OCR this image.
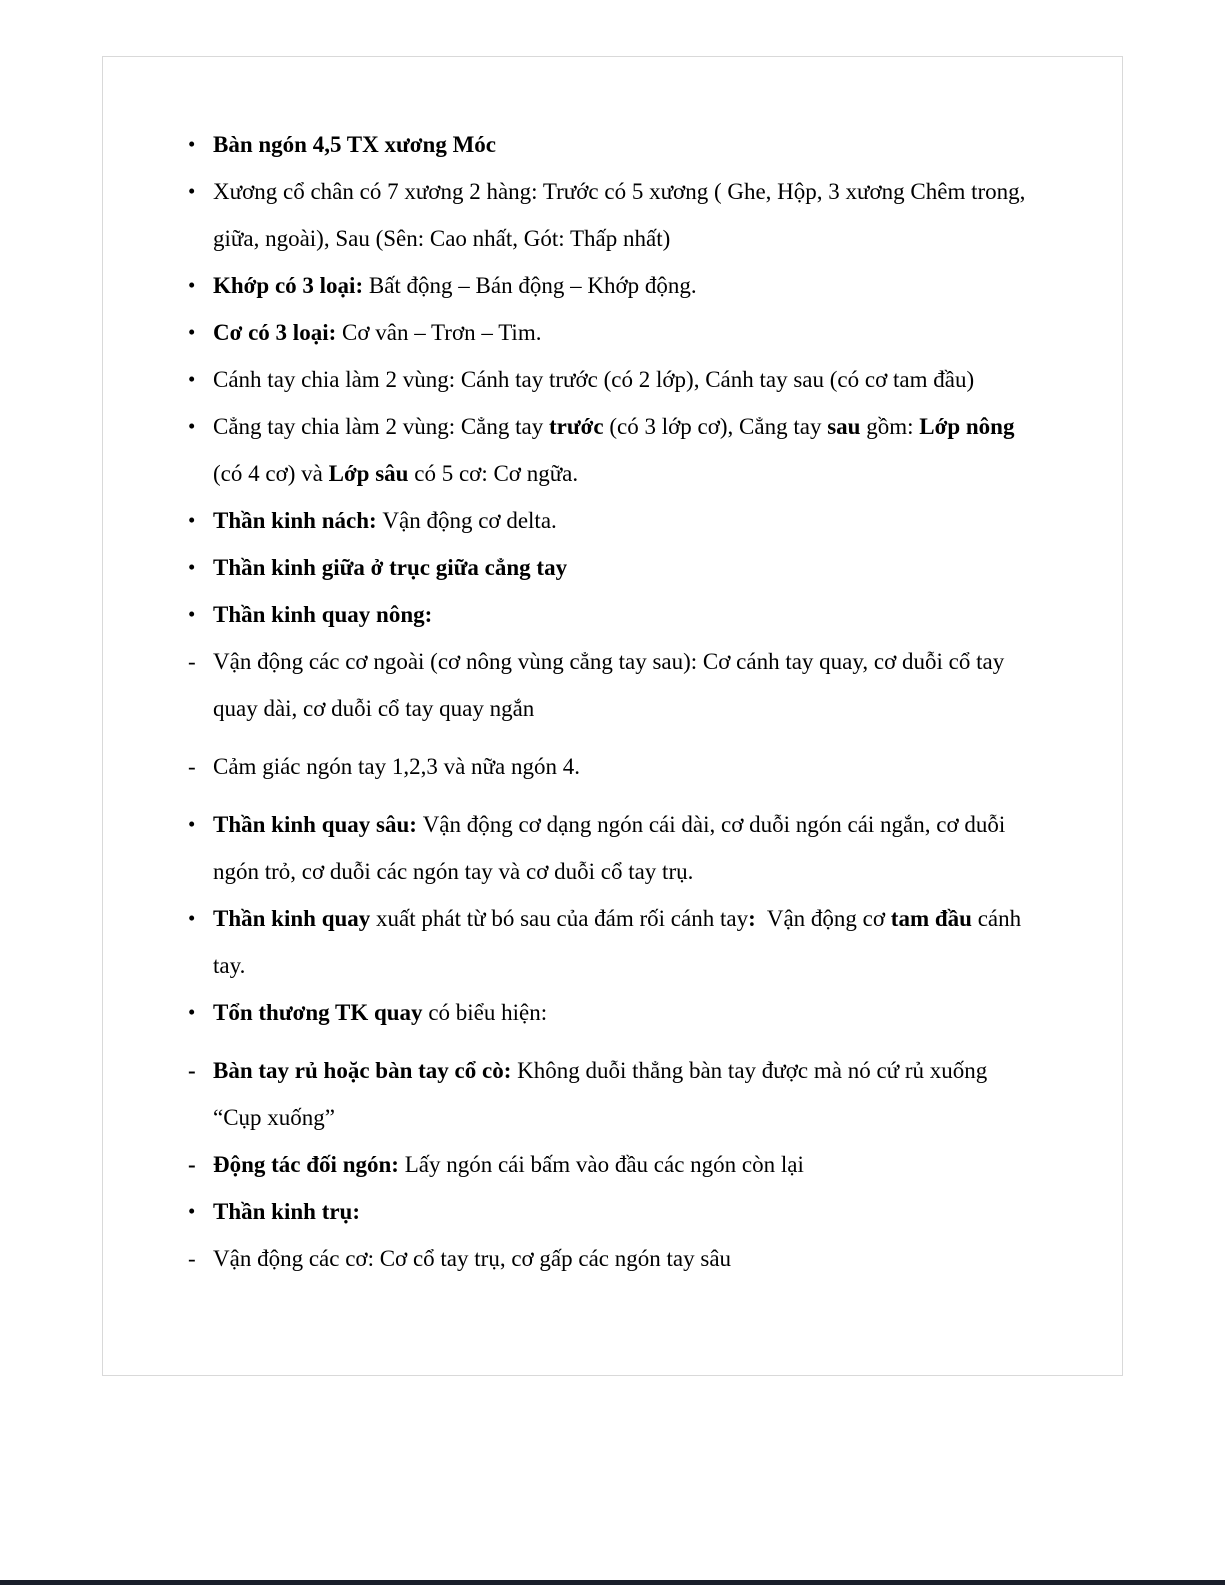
• Bàn ngón 4,5 TX xương Móc
• Xương cổ chân có 7 xương 2 hàng: Trước có 5 xương ( Ghe, Hộp, 3 xương Chêm trong, giữa, ngoài), Sau (Sên: Cao nhất, Gót: Thấp nhất)
• Khớp có 3 loại: Bất động – Bán động – Khớp động.
• Cơ có 3 loại: Cơ vân – Trơn – Tim.
• Cánh tay chia làm 2 vùng: Cánh tay trước (có 2 lớp), Cánh tay sau (có cơ tam đầu)
• Cẳng tay chia làm 2 vùng: Cẳng tay trước (có 3 lớp cơ), Cẳng tay sau gồm: Lớp nông (có 4 cơ) và Lớp sâu có 5 cơ: Cơ ngữa.
• Thần kinh nách: Vận động cơ delta.
• Thần kinh giữa ở trục giữa cẳng tay
• Thần kinh quay nông:
- Vận động các cơ ngoài (cơ nông vùng cẳng tay sau): Cơ cánh tay quay, cơ duỗi cổ tay quay dài, cơ duỗi cổ tay quay ngắn
- Cảm giác ngón tay 1,2,3 và nữa ngón 4.
• Thần kinh quay sâu: Vận động cơ dạng ngón cái dài, cơ duỗi ngón cái ngắn, cơ duỗi ngón trỏ, cơ duỗi các ngón tay và cơ duỗi cổ tay trụ.
• Thần kinh quay xuất phát từ bó sau của đám rối cánh tay:  Vận động cơ tam đầu cánh tay.
• Tổn thương TK quay có biểu hiện:
- Bàn tay rủ hoặc bàn tay cổ cò: Không duỗi thẳng bàn tay được mà nó cứ rủ xuống “Cụp xuống”
- Động tác đối ngón: Lấy ngón cái bấm vào đầu các ngón còn lại
• Thần kinh trụ:
- Vận động các cơ: Cơ cổ tay trụ, cơ gấp các ngón tay sâu
